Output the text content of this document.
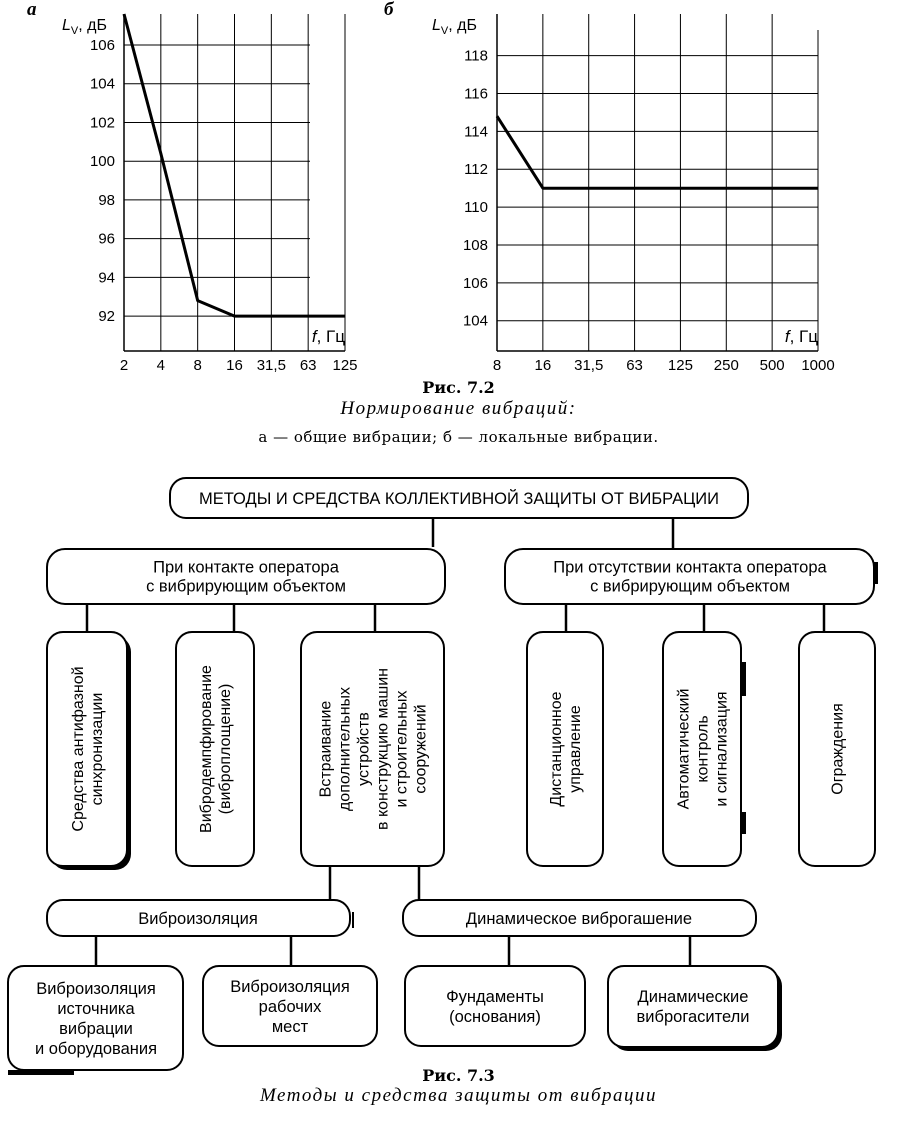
а
92
94
96
98
100
102
104
106
2 4 8 16 31,5 63 125
$L_V$, дБ
f, Гц
б
104
106
108
110
112
114
116
118
8 16 31,5 63 125 250 500 1000
$L_V$, дБ
f, Гц
МЕТОДЫ И СРЕДСТВА КОЛЛЕКТИВНОЙ ЗАЩИТЫ ОТ ВИБРАЦИИ
При контакте оператора
с вибрирующим объектом
При отсутствии контакта оператора
с вибрирующим объектом
Средства антифазной синхронизации	Вибродемпфирование (виброплощение)	Встраивание дополнительных устройств в конструкцию машин и строительных сооружений	Дистанционное управление	Автоматический контроль и сигнализация	Ограждения
Виброизоляция	Динамическое виброгашение
Виброизоляция
источника
вибрации
и оборудования
Виброизоляция
рабочих
мест
Фундаменты
(основания)
Динамические
виброгасители
Рис. 7.2
Нормирование вибраций:
а — общие вибрации; б — локальные вибрации.
Рис. 7.3
Методы и средства защиты от вибрации
